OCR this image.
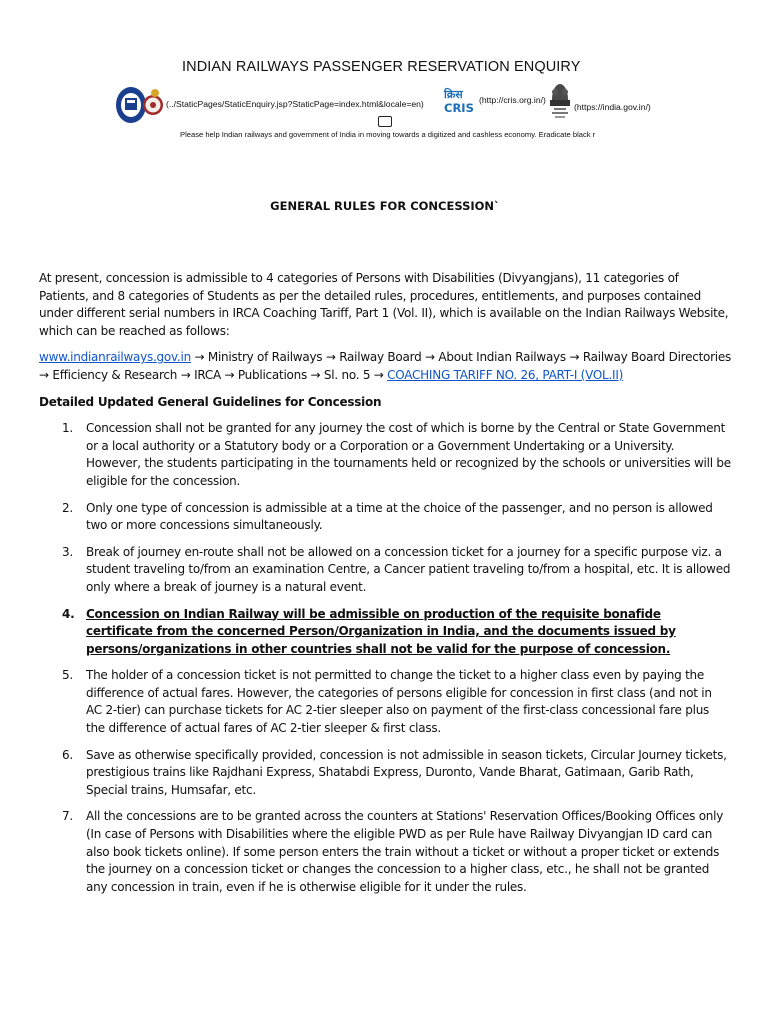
INDIAN RAILWAYS PASSENGER RESERVATION ENQUIRY
(../StaticPages/StaticEnquiry.jsp?StaticPage=index.html&locale=en)
क्रिस
CRIS
(http://cris.org.in/)
(https://india.gov.in/)
Please help Indian railways and government of India in moving towards a digitized and cashless economy. Eradicate black r
GENERAL RULES FOR CONCESSION`

At present, concession is admissible to 4 categories of Persons with Disabilities (Divyangjans), 11 categories of Patients, and 8 categories of Students as per the detailed rules, procedures, entitlements, and purposes contained under different serial numbers in IRCA Coaching Tariff, Part 1 (Vol. II), which is available on the Indian Railways Website, which can be reached as follows:

www.indianrailways.gov.in → Ministry of Railways → Railway Board → About Indian Railways → Railway Board Directories → Efficiency & Research → IRCA → Publications → Sl. no. 5 → COACHING TARIFF NO. 26, PART-I (VOL.II)

Detailed Updated General Guidelines for Concession
1. Concession shall not be granted for any journey the cost of which is borne by the Central or State Government or a local authority or a Statutory body or a Corporation or a Government Undertaking or a University. However, the students participating in the tournaments held or recognized by the schools or universities will be eligible for the concession.
2. Only one type of concession is admissible at a time at the choice of the passenger, and no person is allowed two or more concessions simultaneously.
3. Break of journey en-route shall not be allowed on a concession ticket for a journey for a specific purpose viz. a student traveling to/from an examination Centre, a Cancer patient traveling to/from a hospital, etc. It is allowed only where a break of journey is a natural event.
4. Concession on Indian Railway will be admissible on production of the requisite bonafide certificate from the concerned Person/Organization in India, and the documents issued by persons/organizations in other countries shall not be valid for the purpose of concession.
5. The holder of a concession ticket is not permitted to change the ticket to a higher class even by paying the difference of actual fares. However, the categories of persons eligible for concession in first class (and not in AC 2-tier) can purchase tickets for AC 2-tier sleeper also on payment of the first-class concessional fare plus the difference of actual fares of AC 2-tier sleeper & first class.
6. Save as otherwise specifically provided, concession is not admissible in season tickets, Circular Journey tickets, prestigious trains like Rajdhani Express, Shatabdi Express, Duronto, Vande Bharat, Gatimaan, Garib Rath, Special trains, Humsafar, etc.
7. All the concessions are to be granted across the counters at Stations' Reservation Offices/Booking Offices only (In case of Persons with Disabilities where the eligible PWD as per Rule have Railway Divyangjan ID card can also book tickets online). If some person enters the train without a ticket or without a proper ticket or extends the journey on a concession ticket or changes the concession to a higher class, etc., he shall not be granted any concession in train, even if he is otherwise eligible for it under the rules.
